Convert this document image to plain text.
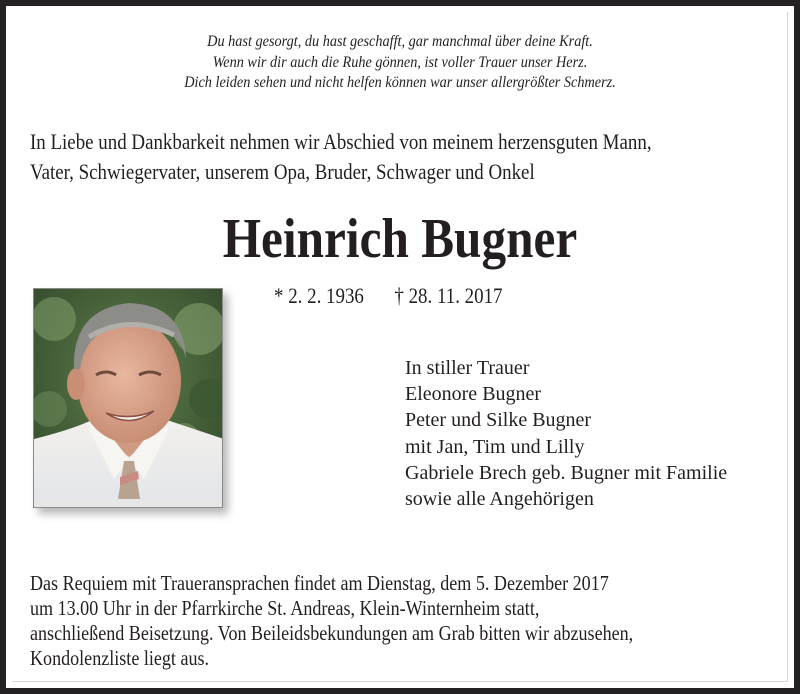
Du hast gesorgt, du hast geschafft, gar manchmal über deine Kraft.
Wenn wir dir auch die Ruhe gönnen, ist voller Trauer unser Herz.
Dich leiden sehen und nicht helfen können war unser allergrößter Schmerz.
In Liebe und Dankbarkeit nehmen wir Abschied von meinem herzensguten Mann,
Vater, Schwiegervater, unserem Opa, Bruder, Schwager und Onkel
Heinrich Bugner
* 2. 2. 1936 † 28. 11. 2017
In stiller Trauer
Eleonore Bugner
Peter und Silke Bugner
mit Jan, Tim und Lilly
Gabriele Brech geb. Bugner mit Familie
sowie alle Angehörigen
Das Requiem mit Traueransprachen findet am Dienstag, dem 5. Dezember 2017
um 13.00 Uhr in der Pfarrkirche St. Andreas, Klein-Winternheim statt,
anschließend Beisetzung. Von Beileidsbekundungen am Grab bitten wir abzusehen,
Kondolenzliste liegt aus.
